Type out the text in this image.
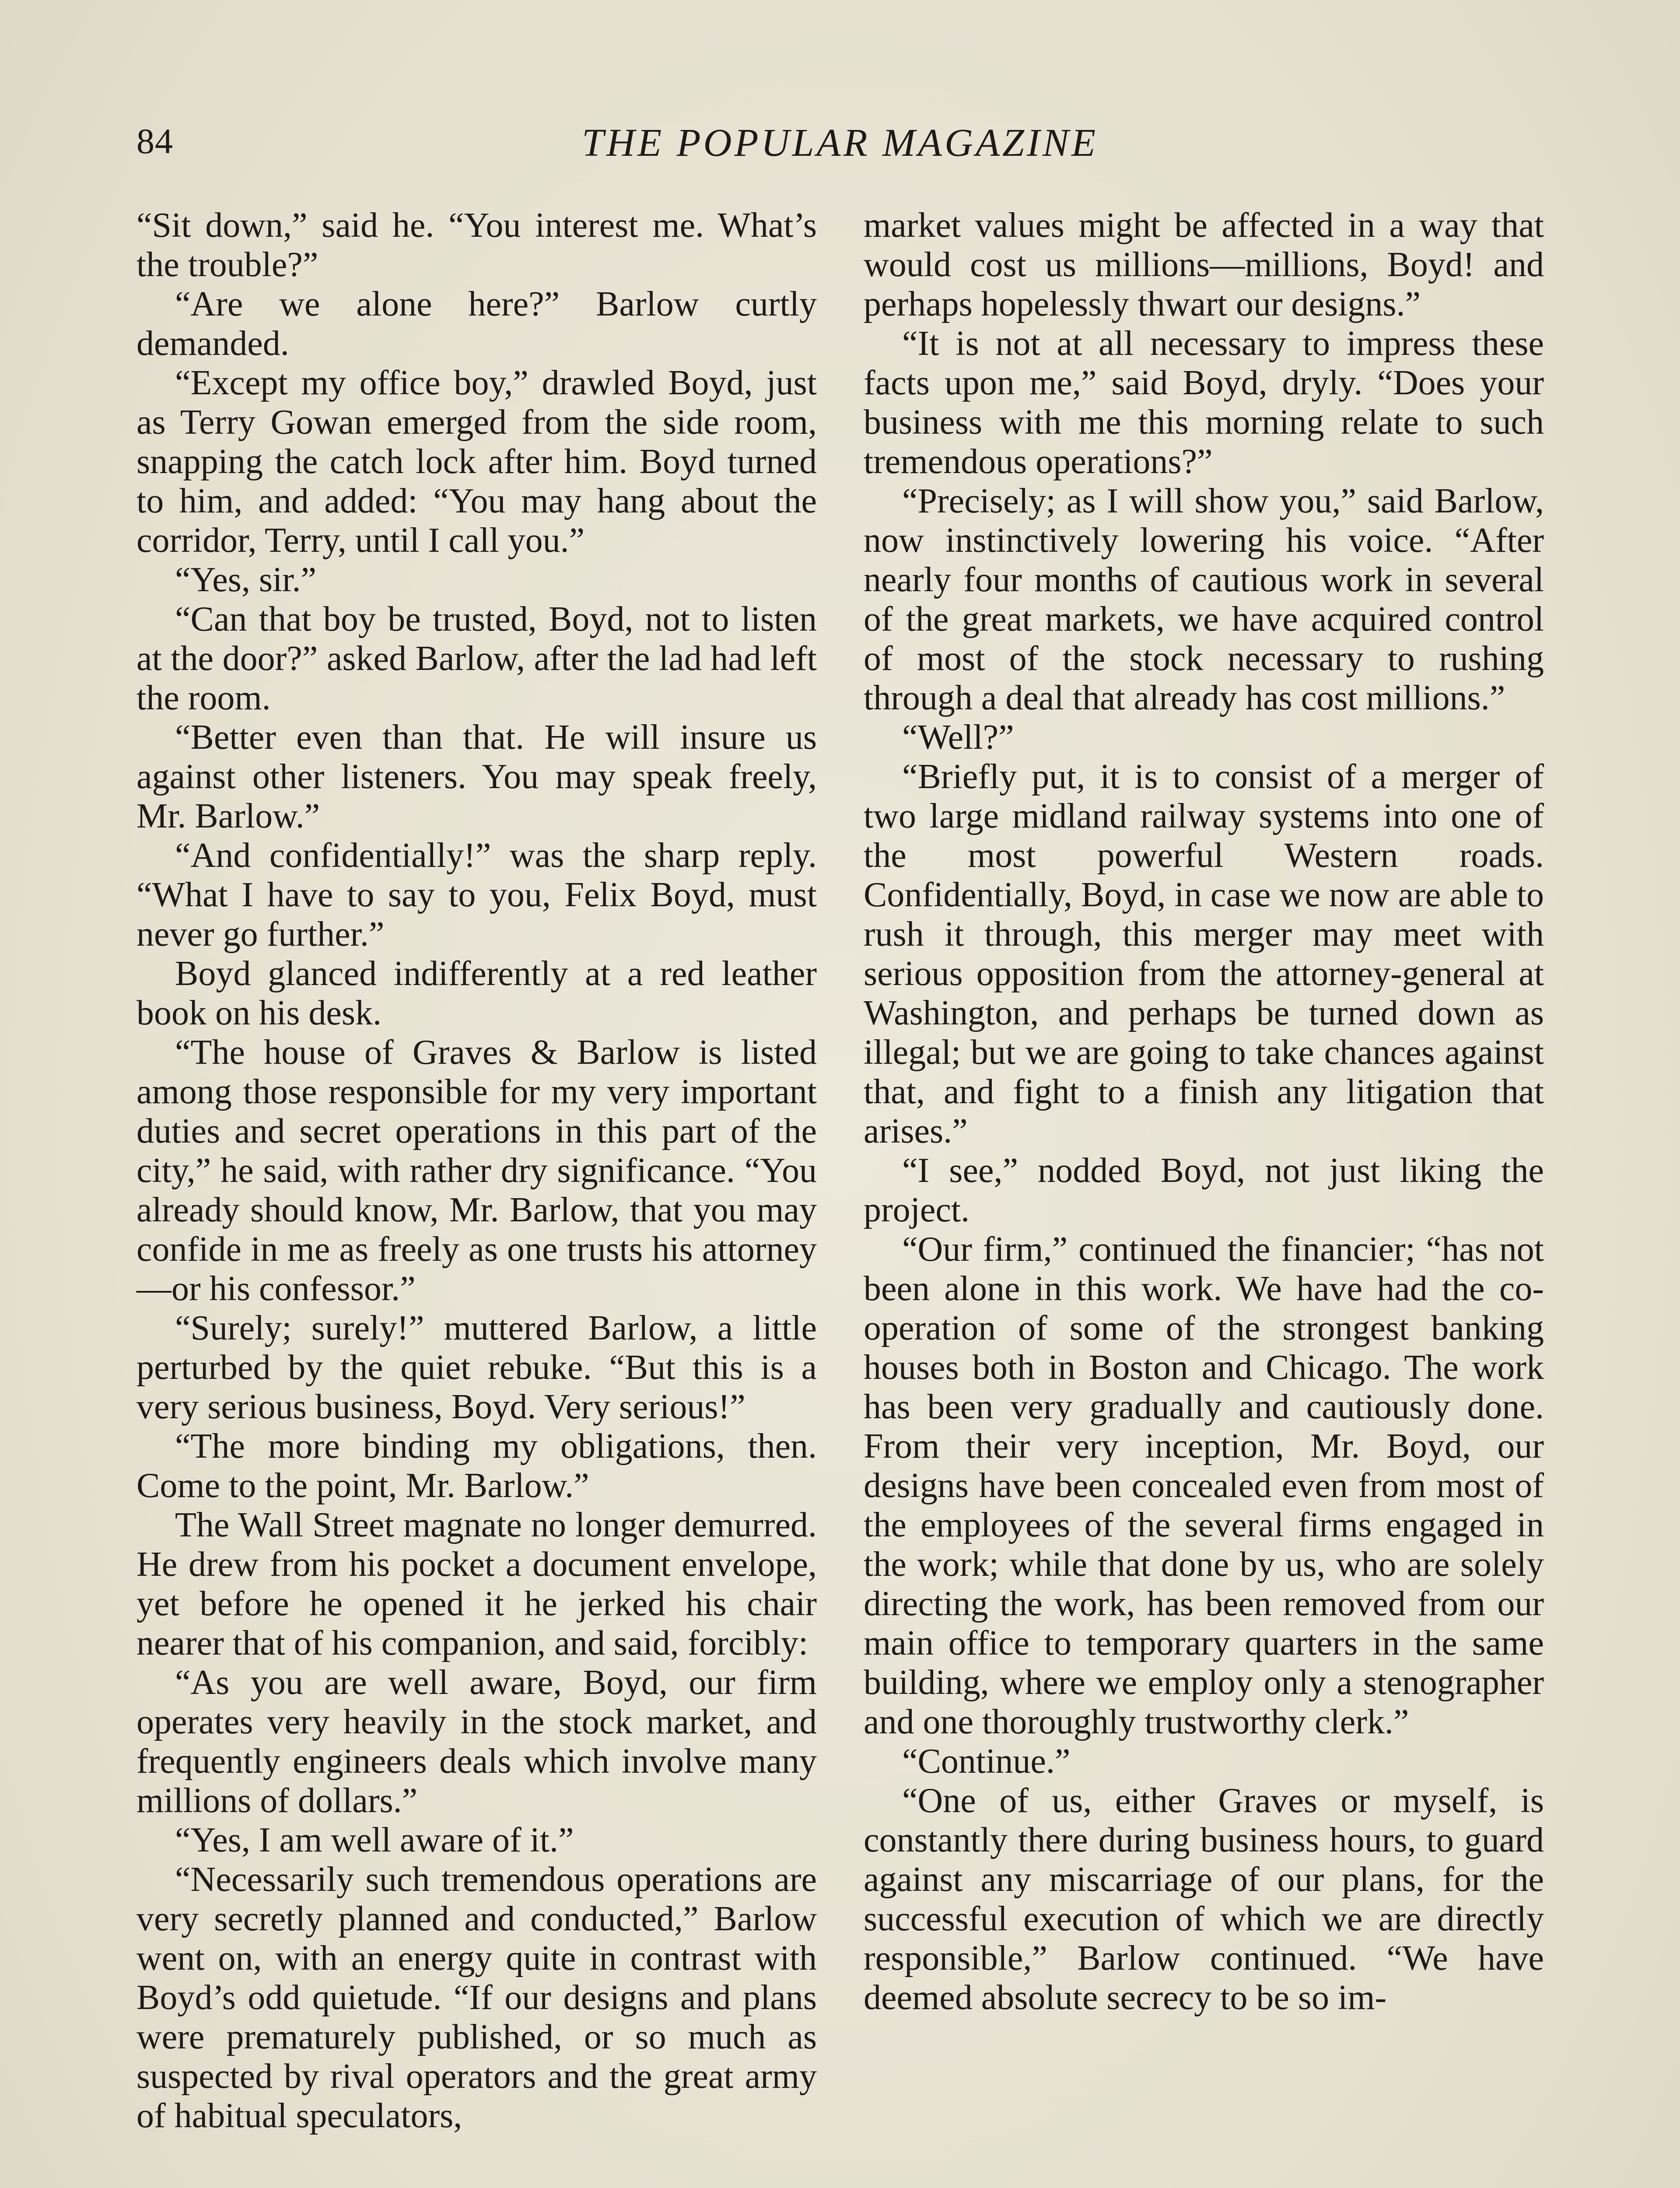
84	THE POPULAR MAGAZINE

“Sit down,” said he. “You interest me. What’s the trouble?”

“Are we alone here?” Barlow curtly demanded.

“Except my office boy,” drawled Boyd, just as Terry Gowan emerged from the side room, snapping the catch lock after him. Boyd turned to him, and added: “You may hang about the corridor, Terry, until I call you.”

“Yes, sir.”

“Can that boy be trusted, Boyd, not to listen at the door?” asked Barlow, after the lad had left the room.

“Better even than that. He will insure us against other listeners. You may speak freely, Mr. Barlow.”

“And confidentially!” was the sharp reply. “What I have to say to you, Felix Boyd, must never go further.”

Boyd glanced indifferently at a red leather book on his desk.

“The house of Graves & Barlow is listed among those responsible for my very important duties and secret operations in this part of the city,” he said, with rather dry significance. “You already should know, Mr. Barlow, that you may confide in me as freely as one trusts his attorney—or his confessor.”

“Surely; surely!” muttered Barlow, a little perturbed by the quiet rebuke. “But this is a very serious business, Boyd. Very serious!”

“The more binding my obligations, then. Come to the point, Mr. Barlow.”

The Wall Street magnate no longer demurred. He drew from his pocket a document envelope, yet before he opened it he jerked his chair nearer that of his companion, and said, forcibly:

“As you are well aware, Boyd, our firm operates very heavily in the stock market, and frequently engineers deals which involve many millions of dollars.”

“Yes, I am well aware of it.”

“Necessarily such tremendous operations are very secretly planned and conducted,” Barlow went on, with an energy quite in contrast with Boyd’s odd quietude. “If our designs and plans were prematurely published, or so much as suspected by rival operators and the great army of habitual speculators,

market values might be affected in a way that would cost us millions—millions, Boyd! and perhaps hopelessly thwart our designs.”

“It is not at all necessary to impress these facts upon me,” said Boyd, dryly. “Does your business with me this morning relate to such tremendous operations?”

“Precisely; as I will show you,” said Barlow, now instinctively lowering his voice. “After nearly four months of cautious work in several of the great markets, we have acquired control of most of the stock necessary to rushing through a deal that already has cost millions.”

“Well?”

“Briefly put, it is to consist of a merger of two large midland railway systems into one of the most powerful Western roads. Confidentially, Boyd, in case we now are able to rush it through, this merger may meet with serious opposition from the attorney-general at Washington, and perhaps be turned down as illegal; but we are going to take chances against that, and fight to a finish any litigation that arises.”

“I see,” nodded Boyd, not just liking the project.

“Our firm,” continued the financier; “has not been alone in this work. We have had the co-operation of some of the strongest banking houses both in Boston and Chicago. The work has been very gradually and cautiously done. From their very inception, Mr. Boyd, our designs have been concealed even from most of the employees of the several firms engaged in the work; while that done by us, who are solely directing the work, has been removed from our main office to temporary quarters in the same building, where we employ only a stenographer and one thoroughly trustworthy clerk.”

“Continue.”

“One of us, either Graves or myself, is constantly there during business hours, to guard against any miscarriage of our plans, for the successful execution of which we are directly responsible,” Barlow continued. “We have deemed absolute secrecy to be so im-
